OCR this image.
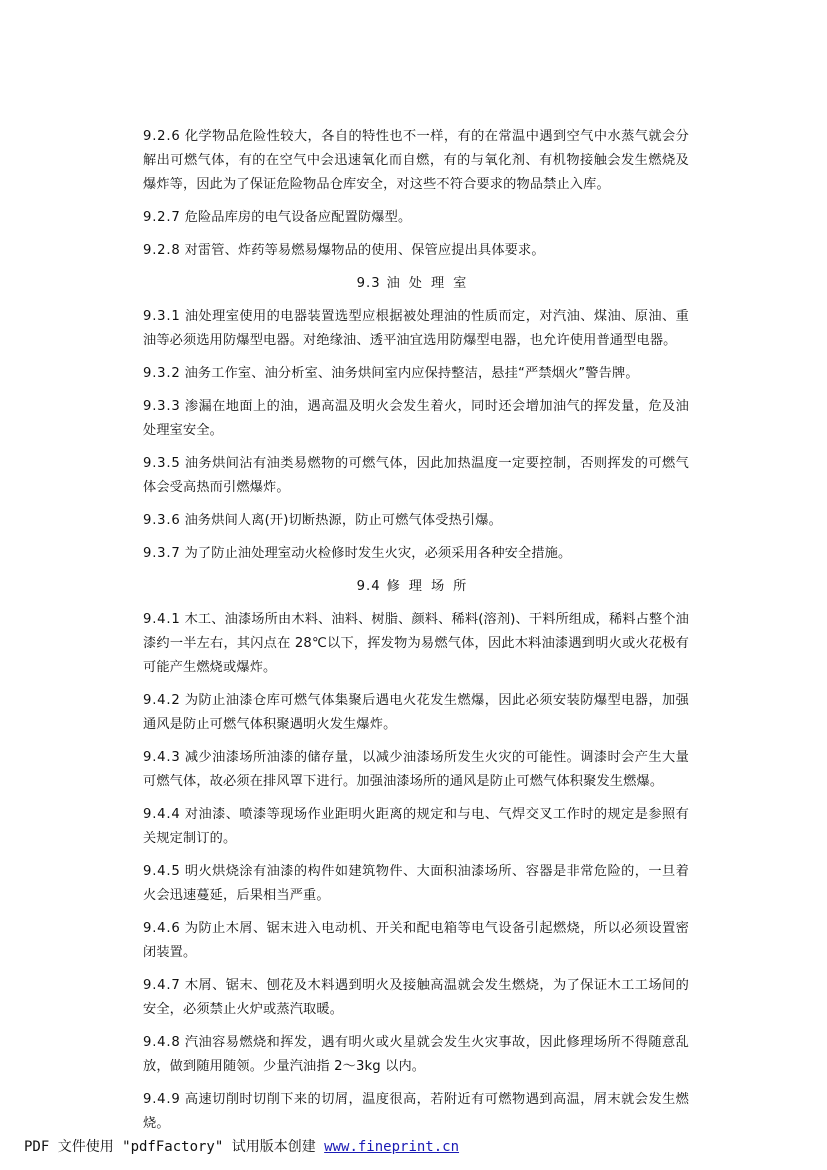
9.2.6 化学物品危险性较大，各自的特性也不一样，有的在常温中遇到空气中水蒸气就会分解出可燃气体，有的在空气中会迅速氧化而自燃，有的与氧化剂、有机物接触会发生燃烧及爆炸等，因此为了保证危险物品仓库安全，对这些不符合要求的物品禁止入库。

9.2.7 危险品库房的电气设备应配置防爆型。

9.2.8 对雷管、炸药等易燃易爆物品的使用、保管应提出具体要求。

9.3 油处理室

9.3.1 油处理室使用的电器装置选型应根据被处理油的性质而定，对汽油、煤油、原油、重油等必须选用防爆型电器。对绝缘油、透平油宜选用防爆型电器，也允许使用普通型电器。

9.3.2 油务工作室、油分析室、油务烘间室内应保持整洁，悬挂“严禁烟火”警告牌。

9.3.3 渗漏在地面上的油，遇高温及明火会发生着火，同时还会增加油气的挥发量，危及油处理室安全。

9.3.5 油务烘间沾有油类易燃物的可燃气体，因此加热温度一定要控制，否则挥发的可燃气体会受高热而引燃爆炸。

9.3.6 油务烘间人离(开)切断热源，防止可燃气体受热引爆。

9.3.7 为了防止油处理室动火检修时发生火灾，必须采用各种安全措施。

9.4 修理场所

9.4.1 木工、油漆场所由木料、油料、树脂、颜料、稀料(溶剂)、干料所组成，稀料占整个油漆约一半左右，其闪点在 28℃以下，挥发物为易燃气体，因此木料油漆遇到明火或火花极有可能产生燃烧或爆炸。

9.4.2 为防止油漆仓库可燃气体集聚后遇电火花发生燃爆，因此必须安装防爆型电器，加强通风是防止可燃气体积聚遇明火发生爆炸。

9.4.3 减少油漆场所油漆的储存量，以减少油漆场所发生火灾的可能性。调漆时会产生大量可燃气体，故必须在排风罩下进行。加强油漆场所的通风是防止可燃气体积聚发生燃爆。

9.4.4 对油漆、喷漆等现场作业距明火距离的规定和与电、气焊交叉工作时的规定是参照有关规定制订的。

9.4.5 明火烘烧涂有油漆的构件如建筑物件、大面积油漆场所、容器是非常危险的，一旦着火会迅速蔓延，后果相当严重。

9.4.6 为防止木屑、锯末进入电动机、开关和配电箱等电气设备引起燃烧，所以必须设置密闭装置。

9.4.7 木屑、锯末、刨花及木料遇到明火及接触高温就会发生燃烧，为了保证木工工场间的安全，必须禁止火炉或蒸汽取暖。

9.4.8 汽油容易燃烧和挥发，遇有明火或火星就会发生火灾事故，因此修理场所不得随意乱放，做到随用随领。少量汽油指 2～3kg 以内。

9.4.9 高速切削时切削下来的切屑，温度很高，若附近有可燃物遇到高温，屑末就会发生燃烧。

PDF 文件使用 "pdfFactory" 试用版本创建 www.fineprint.cn
